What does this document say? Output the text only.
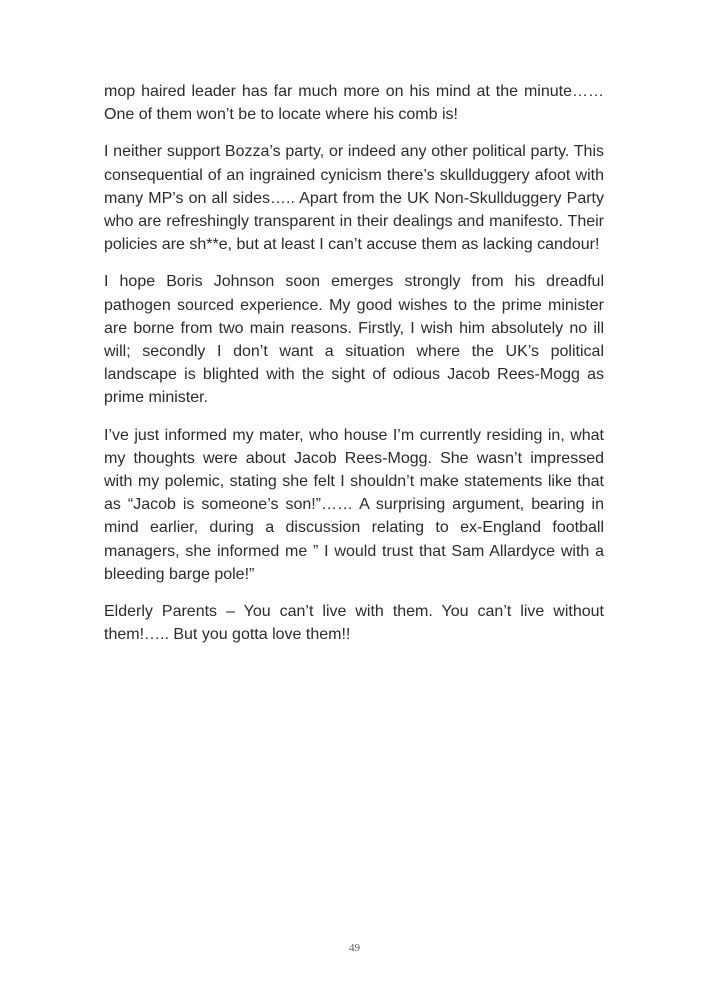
mop haired leader has far much more on his mind at the minute…… One of them won’t be to locate where his comb is!

I neither support Bozza’s party, or indeed any other political party. This consequential of an ingrained cynicism there’s skullduggery afoot with many MP’s on all sides….. Apart from the UK Non-Skullduggery Party who are refreshingly transparent in their dealings and manifesto. Their policies are sh**e, but at least I can’t accuse them as lacking candour!

I hope Boris Johnson soon emerges strongly from his dreadful pathogen sourced experience. My good wishes to the prime minister are borne from two main reasons. Firstly, I wish him absolutely no ill will; secondly I don’t want a situation where the UK’s political landscape is blighted with the sight of odious Jacob Rees-Mogg as prime minister.

I’ve just informed my mater, who house I’m currently residing in, what my thoughts were about Jacob Rees-Mogg. She wasn’t impressed with my polemic, stating she felt I shouldn’t make statements like that as “Jacob is someone’s son!”…… A surprising argument, bearing in mind earlier, during a discussion relating to ex-England football managers, she informed me ” I would trust that Sam Allardyce with a bleeding barge pole!”

Elderly Parents – You can’t live with them. You can’t live without them!….. But you gotta love them!!

49
